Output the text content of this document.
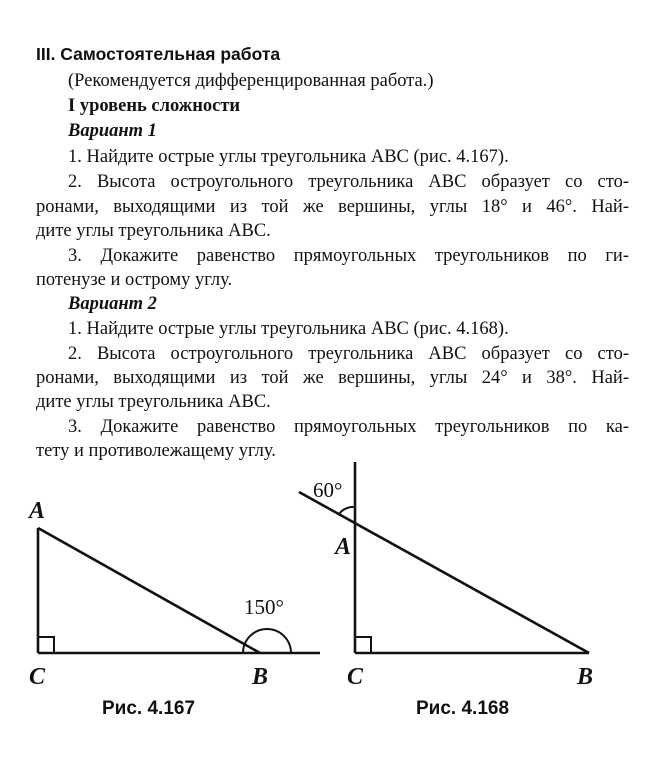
III. Самостоятельная работа
(Рекомендуется дифференцированная работа.)
I уровень сложности
Вариант 1
1. Найдите острые углы треугольника ABC (рис. 4.167).
2. Высота остроугольного треугольника ABC образует со сто-
ронами, выходящими из той же вершины, углы 18° и 46°. Най-
дите углы треугольника ABC.
3. Докажите равенство прямоугольных треугольников по ги-
потенузе и острому углу.
Вариант 2
1. Найдите острые углы треугольника ABC (рис. 4.168).
2. Высота остроугольного треугольника ABC образует со сто-
ронами, выходящими из той же вершины, углы 24° и 38°. Най-
дите углы треугольника ABC.
3. Докажите равенство прямоугольных треугольников по ка-
тету и противолежащему углу.
A
C	B
150°
A
C	B
60°
Рис. 4.167	Рис. 4.168
